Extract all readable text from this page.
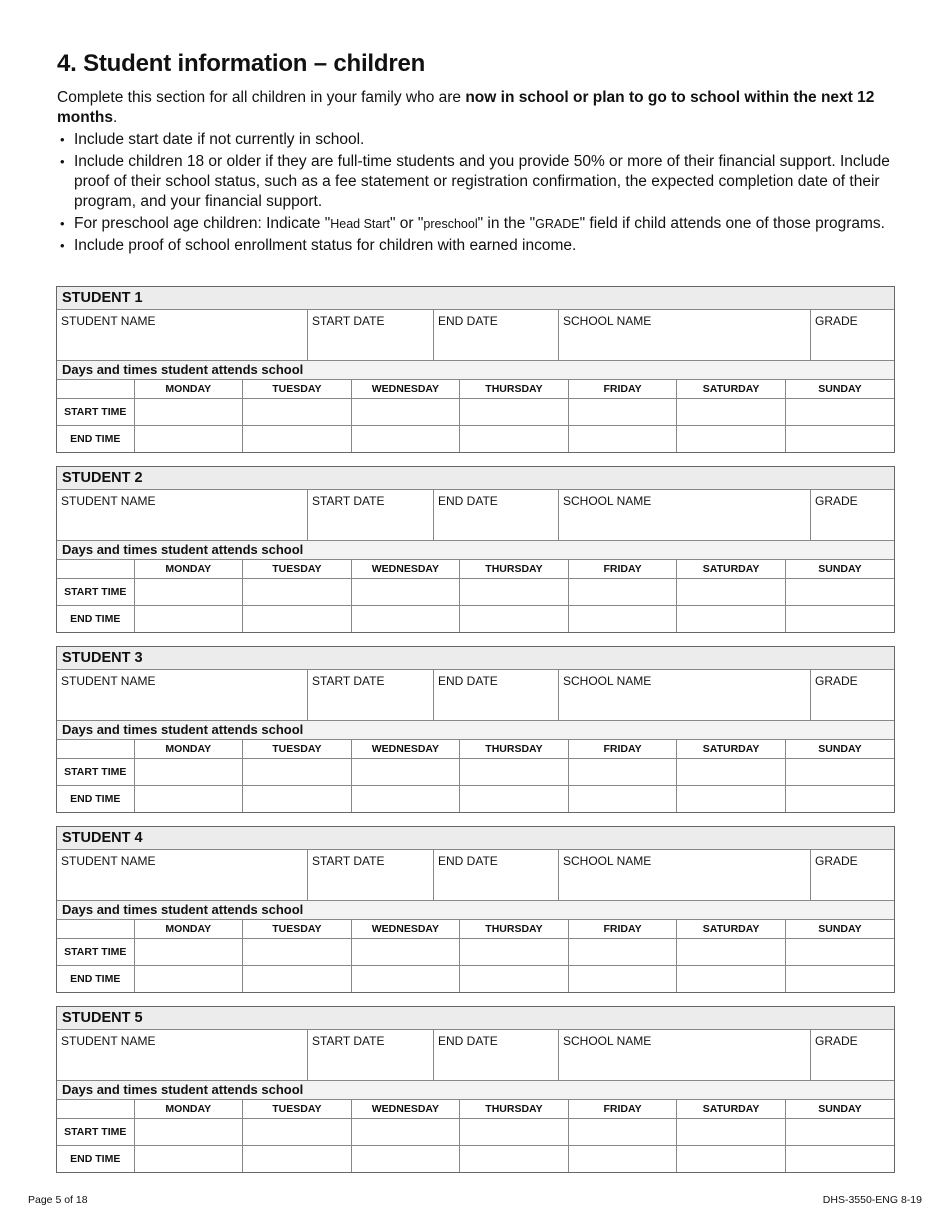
4. Student information – children

Complete this section for all children in your family who are now in school or plan to go to school within the next 12 months.

• Include start date if not currently in school.
• Include children 18 or older if they are full-time students and you provide 50% or more of their financial support. Include proof of their school status, such as a fee statement or registration confirmation, the expected completion date of their program, and your financial support.
• For preschool age children: Indicate "Head Start" or "preschool" in the "GRADE" field if child attends one of those programs.
• Include proof of school enrollment status for children with earned income.
STUDENT 1
STUDENT NAME	START DATE	END DATE	SCHOOL NAME	GRADE
Days and times student attends school
	MONDAY	TUESDAY	WEDNESDAY	THURSDAY	FRIDAY	SATURDAY	SUNDAY
START TIME							
END TIME							
STUDENT 2
STUDENT NAME	START DATE	END DATE	SCHOOL NAME	GRADE
Days and times student attends school
	MONDAY	TUESDAY	WEDNESDAY	THURSDAY	FRIDAY	SATURDAY	SUNDAY
START TIME							
END TIME							
STUDENT 3
STUDENT NAME	START DATE	END DATE	SCHOOL NAME	GRADE
Days and times student attends school
	MONDAY	TUESDAY	WEDNESDAY	THURSDAY	FRIDAY	SATURDAY	SUNDAY
START TIME							
END TIME							
STUDENT 4
STUDENT NAME	START DATE	END DATE	SCHOOL NAME	GRADE
Days and times student attends school
	MONDAY	TUESDAY	WEDNESDAY	THURSDAY	FRIDAY	SATURDAY	SUNDAY
START TIME							
END TIME							
STUDENT 5
STUDENT NAME	START DATE	END DATE	SCHOOL NAME	GRADE
Days and times student attends school
	MONDAY	TUESDAY	WEDNESDAY	THURSDAY	FRIDAY	SATURDAY	SUNDAY
START TIME							
END TIME							
Page 5 of 18	DHS-3550-ENG 8-19
